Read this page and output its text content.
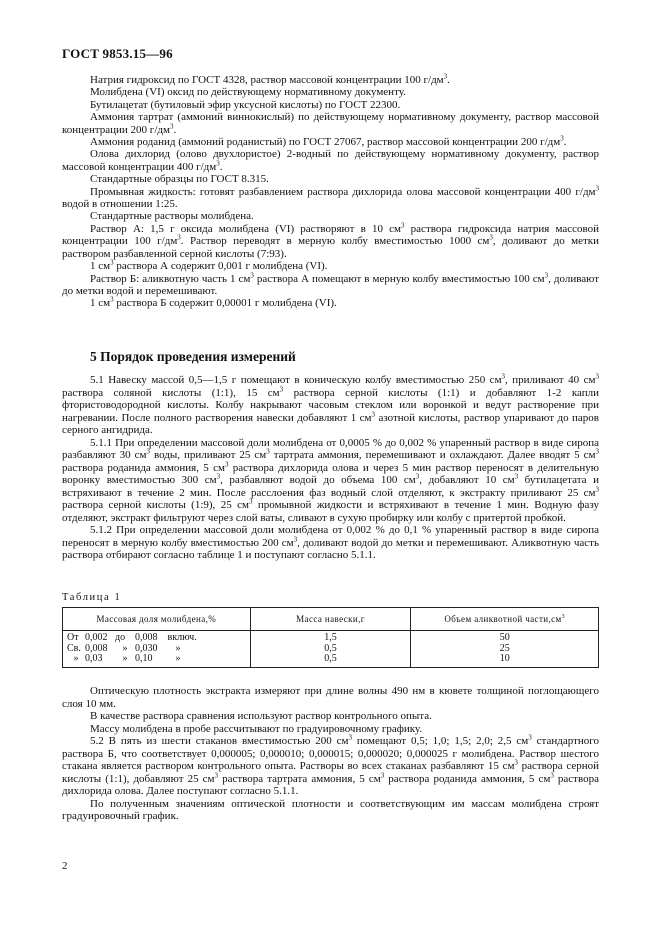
ГОСТ 9853.15—96

Натрия гидроксид по ГОСТ 4328, раствор массовой концентрации 100 $г/дм^3$.

Молибдена (VI) оксид по действующему нормативному документу.

Бутилацетат (бутиловый эфир уксусной кислоты) по ГОСТ 22300.

Аммония тартрат (аммоний виннокислый) по действующему нормативному документу, раствор массовой концентрации 200 $г/дм^3$.

Аммония роданид (аммоний роданистый) по ГОСТ 27067, раствор массовой концентрации 200 $г/дм^3$.

Олова дихлорид (олово двухлористое) 2-водный по действующему нормативному документу, раствор массовой концентрации 400 $г/дм^3$.

Стандартные образцы по ГОСТ 8.315.

Промывная жидкость: готовят разбавлением раствора дихлорида олова массовой концентрации 400 $г/дм^3$ водой в отношении 1:25.

Стандартные растворы молибдена.

Раствор А: 1,5 г оксида молибдена (VI) растворяют в 10 $см^3$ раствора гидроксида натрия массовой концентрации 100 $г/дм^3$. Раствор переводят в мерную колбу вместимостью 1000 $см^3$, доливают до метки раствором разбавленной серной кислоты (7:93).

1 $см^3$ раствора А содержит 0,001 г молибдена (VI).

Раствор Б: аликвотную часть 1 $см^3$ раствора А помещают в мерную колбу вместимостью 100 $см^3$, доливают до метки водой и перемешивают.

1 $см^3$ раствора Б содержит 0,00001 г молибдена (VI).

5 Порядок проведения измерений

5.1 Навеску массой 0,5—1,5 г помещают в коническую колбу вместимостью 250 $см^3$, приливают 40 $см^3$ раствора соляной кислоты (1:1), 15 $см^3$ раствора серной кислоты (1:1) и добавляют 1-2 капли фтористоводородной кислоты. Колбу накрывают часовым стеклом или воронкой и ведут растворение при нагревании. После полного растворения навески добавляют 1 $см^3$ азотной кислоты, раствор упаривают до паров серного ангидрида.

5.1.1 При определении массовой доли молибдена от 0,0005 % до 0,002 % упаренный раствор в виде сиропа разбавляют 30 $см^3$ воды, приливают 25 $см^3$ тартрата аммония, перемешивают и охлаждают. Далее вводят 5 $см^3$ раствора роданида аммония, 5 $см^3$ раствора дихлорида олова и через 5 мин раствор переносят в делительную воронку вместимостью 300 $см^3$, разбавляют водой до объема 100 $см^3$, добавляют 10 $см^3$ бутилацетата и встряхивают в течение 2 мин. После расслоения фаз водный слой отделяют, к экстракту приливают 25 $см^3$ раствора серной кислоты (1:9), 25 $см^3$ промывной жидкости и встряхивают в течение 1 мин. Водную фазу отделяют, экстракт фильтруют через слой ваты, сливают в сухую пробирку или колбу с притертой пробкой.

5.1.2 При определении массовой доли молибдена от 0,002 % до 0,1 % упаренный раствор в виде сиропа переносят в мерную колбу вместимостью 200 $см^3$, доливают водой до метки и перемешивают. Аликвотную часть раствора отбирают согласно таблице 1 и поступают согласно 5.1.1.

Таблица 1
Массовая доля молибдена,%	Масса навески,г	Объем аликвотной $части,см^3$
От 0,002 до 0,008 включ.	1,5	50
Св. 0,008 » 0,030 »	0,5	25
» 0,03 » 0,10 »	0,5	10

Оптическую плотность экстракта измеряют при длине волны 490 нм в кювете толщиной поглощающего слоя 10 мм.

В качестве раствора сравнения используют раствор контрольного опыта.

Массу молибдена в пробе рассчитывают по градуировочному графику.

5.2 В пять из шести стаканов вместимостью 200 $см^3$ помещают 0,5; 1,0; 1,5; 2,0; 2,5 $см^3$ стандартного раствора Б, что соответствует 0,000005; 0,000010; 0,000015; 0,000020; 0,000025 г молибдена. Раствор шестого стакана является раствором контрольного опыта. Растворы во всех стаканах разбавляют 15 $см^3$ раствора серной кислоты (1:1), добавляют 25 $см^3$ раствора тартрата аммония, 5 $см^3$ раствора роданида аммония, 5 $см^3$ раствора дихлорида олова. Далее поступают согласно 5.1.1.

По полученным значениям оптической плотности и соответствующим им массам молибдена строят градуировочный график.

2
